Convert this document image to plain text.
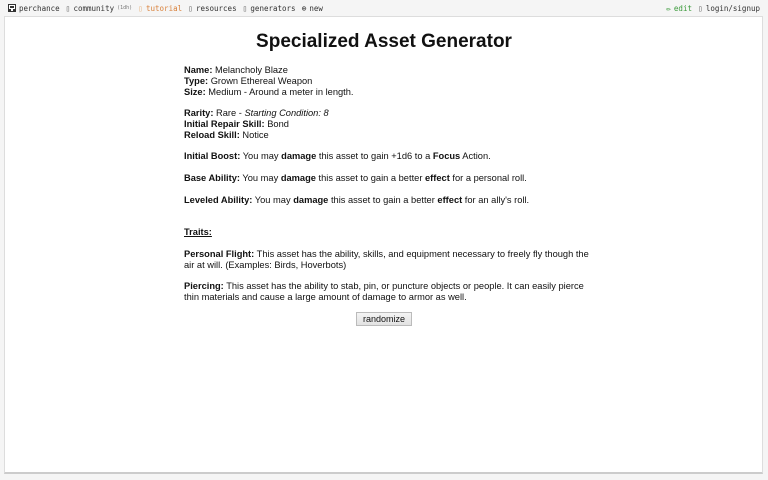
perchance ▯ community (1dh) ▯ tutorial ▯ resources ▯ generators ⊕ new	✏ edit ▯ login/signup
Specialized Asset Generator
Name: Melancholy Blaze
Type: Grown Ethereal Weapon
Size: Medium - Around a meter in length.
Rarity: Rare - Starting Condition: 8
Initial Repair Skill: Bond
Reload Skill: Notice
Initial Boost: You may damage this asset to gain +1d6 to a Focus Action.
Base Ability: You may damage this asset to gain a better effect for a personal roll.
Leveled Ability: You may damage this asset to gain a better effect for an ally's roll.
Traits:

Personal Flight: This asset has the ability, skills, and equipment necessary to freely fly though the air at will. (Examples: Birds, Hoverbots)

Piercing: This asset has the ability to stab, pin, or puncture objects or people. It can easily pierce thin materials and cause a large amount of damage to armor as well.

randomize
